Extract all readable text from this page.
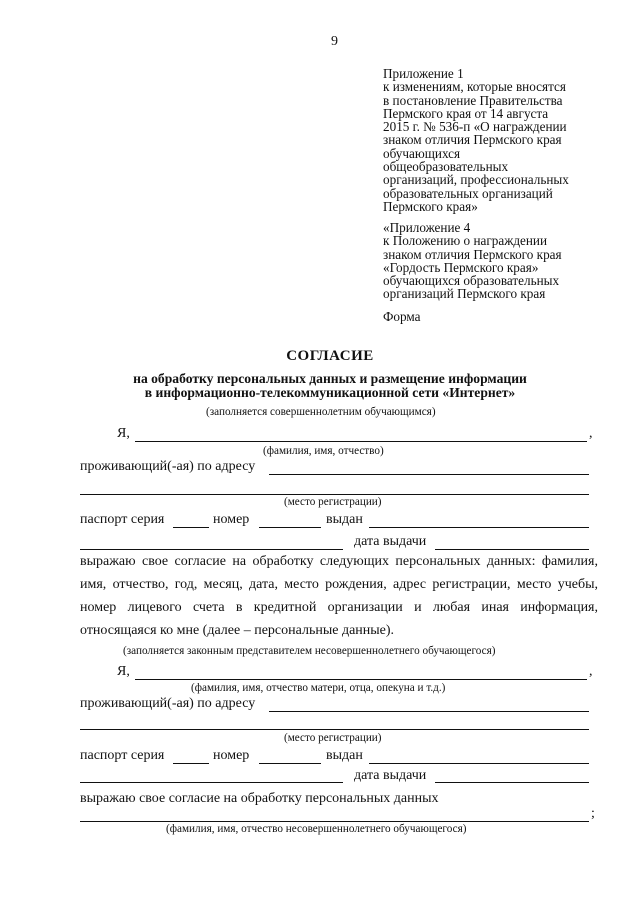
9
Приложение 1
к изменениям, которые вносятся
в постановление Правительства
Пермского края от 14 августа
2015 г. № 536-п «О награждении
знаком отличия Пермского края
обучающихся
общеобразовательных
организаций, профессиональных
образовательных организаций
Пермского края»
«Приложение 4
к Положению о награждении
знаком отличия Пермского края
«Гордость Пермского края»
обучающихся образовательных
организаций Пермского края
Форма
СОГЛАСИЕ
на обработку персональных данных и размещение информации
в информационно-телекоммуникационной сети «Интернет»
(заполняется совершеннолетним обучающимся)
Я,	,
(фамилия, имя, отчество)
проживающий(-ая) по адресу
(место регистрации)
паспорт серия	номер	выдан
дата выдачи
выражаю свое согласие на обработку следующих персональных данных: фамилия, имя, отчество, год, месяц, дата, место рождения, адрес регистрации, место учебы, номер лицевого счета в кредитной организации и любая иная информация, относящаяся ко мне (далее – персональные данные).
(заполняется законным представителем несовершеннолетнего обучающегося)
Я,	,
(фамилия, имя, отчество матери, отца, опекуна и т.д.)
проживающий(-ая) по адресу
(место регистрации)
паспорт серия	номер	выдан
дата выдачи
выражаю свое согласие на обработку персональных данных
;
(фамилия, имя, отчество несовершеннолетнего обучающегося)
